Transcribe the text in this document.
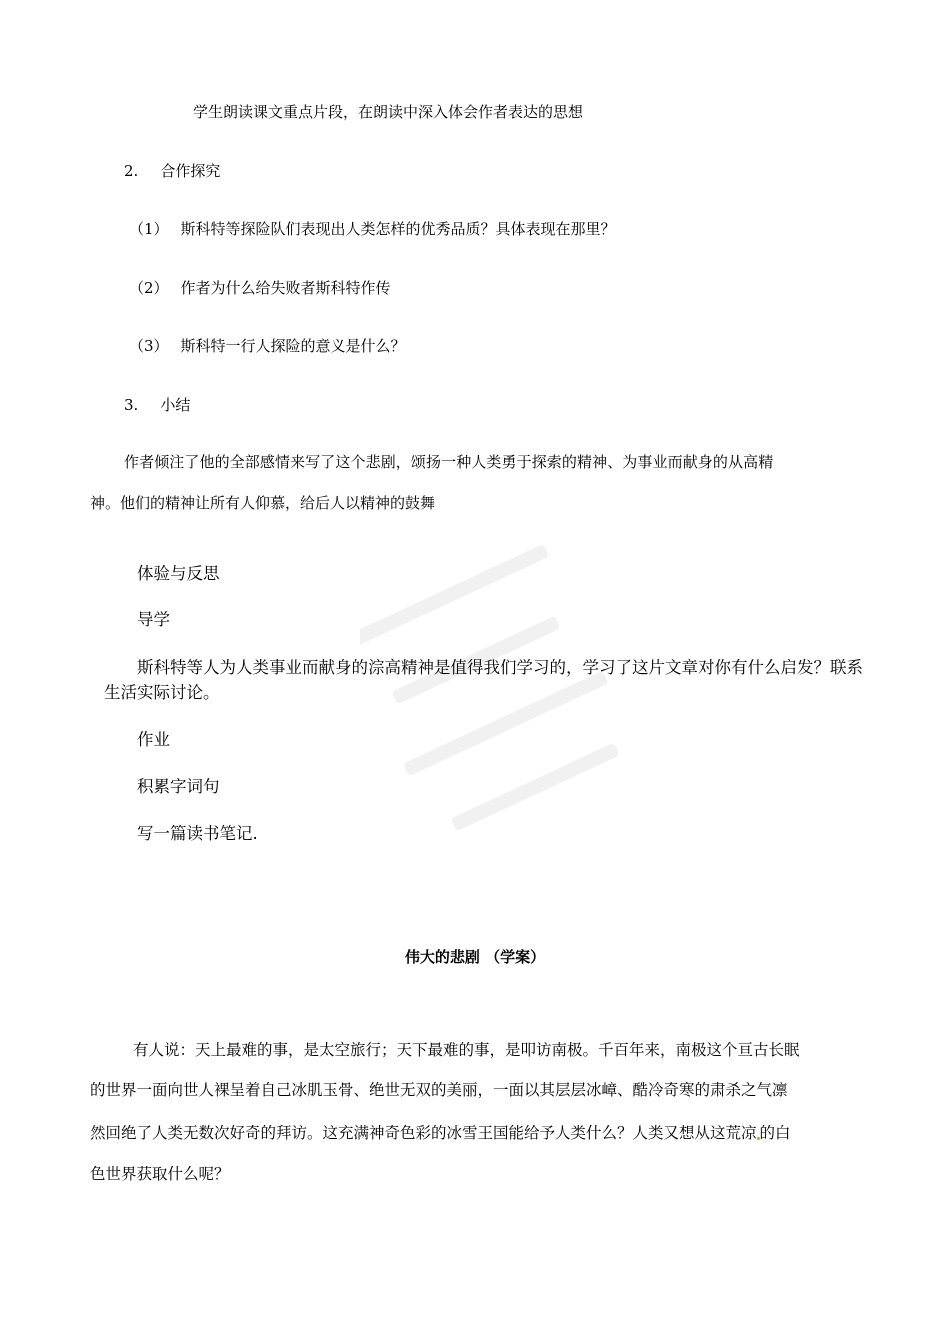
学生朗读课文重点片段，在朗读中深入体会作者表达的思想
2. 合作探究
（1） 斯科特等探险队们表现出人类怎样的优秀品质？具体表现在那里？
（2） 作者为什么给失败者斯科特作传
（3） 斯科特一行人探险的意义是什么？
3. 小结
作者倾注了他的全部感情来写了这个悲剧，颂扬一种人类勇于探索的精神、为事业而献身的从高精
神。他们的精神让所有人仰慕，给后人以精神的鼓舞
体验与反思
导学
斯科特等人为人类事业而献身的淙高精神是值得我们学习的，学习了这片文章对你有什么启发？联系
生活实际讨论。
作业
积累字词句
写一篇读书笔记.
伟大的悲剧 （学案）
有人说：天上最难的事，是太空旅行；天下最难的事，是叩访南极。千百年来，南极这个亘古长眠
的世界一面向世人裸呈着自己冰肌玉骨、绝世无双的美丽，一面以其层层冰嶂、酷冷奇寒的肃杀之气凛
然回绝了人类无数次好奇的拜访。这充满神奇色彩的冰雪王国能给予人类什么？人类又想从这荒凉 的白
色世界获取什么呢？
